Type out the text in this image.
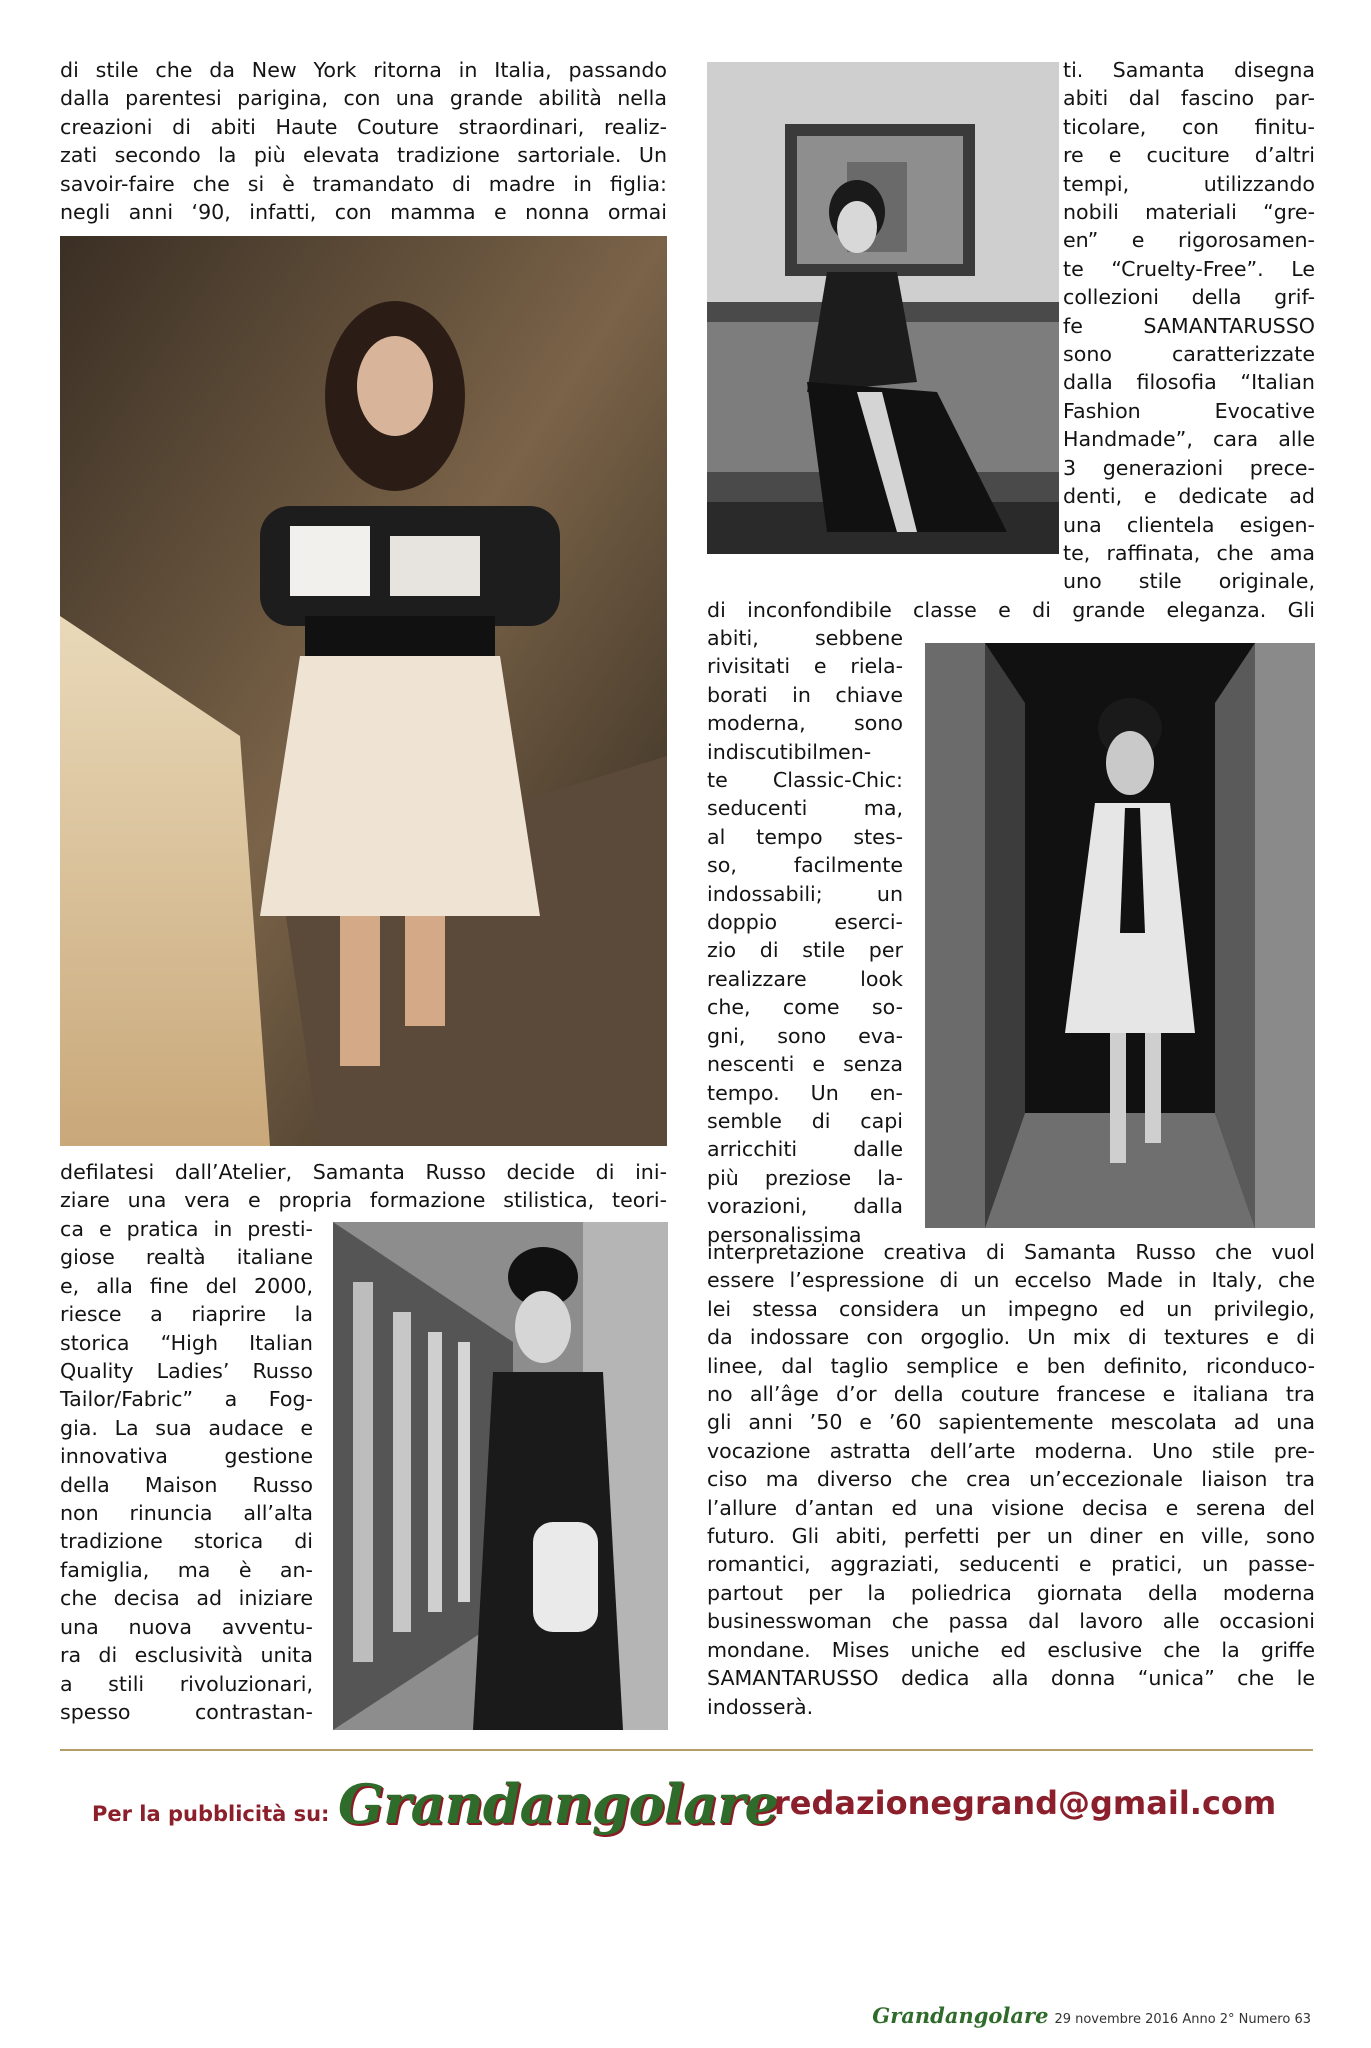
di stile che da New York ritorna in Italia, passando
dalla parentesi parigina, con una grande abilità nella
creazioni di abiti Haute Couture straordinari, realiz-
zati secondo la più elevata tradizione sartoriale. Un
savoir-faire che si è tramandato di madre in figlia:
negli anni ‘90, infatti, con mamma e nonna ormai
defilatesi dall’Atelier, Samanta Russo decide di ini-
ziare una vera e propria formazione stilistica, teori-
ca e pratica in presti-
giose realtà italiane
e, alla fine del 2000,
riesce a riaprire la
storica “High Italian
Quality Ladies’ Russo
Tailor/Fabric” a Fog-
gia. La sua audace e
innovativa gestione
della Maison Russo
non rinuncia all’alta
tradizione storica di
famiglia, ma è an-
che decisa ad iniziare
una nuova avventu-
ra di esclusività unita
a stili rivoluzionari,
spesso contrastan-
ti. Samanta disegna
abiti dal fascino par-
ticolare, con finitu-
re e cuciture d’altri
tempi, utilizzando
nobili materiali “gre-
en” e rigorosamen-
te “Cruelty-Free”. Le
collezioni della grif-
fe SAMANTARUSSO
sono caratterizzate
dalla filosofia “Italian
Fashion Evocative
Handmade”, cara alle
3 generazioni prece-
denti, e dedicate ad
una clientela esigen-
te, raffinata, che ama
uno stile originale,
di inconfondibile classe e di grande eleganza. Gli
abiti, sebbene
rivisitati e riela-
borati in chiave
moderna, sono
indiscutibilmen-
te Classic-Chic:
seducenti ma,
al tempo stes-
so, facilmente
indossabili; un
doppio eserci-
zio di stile per
realizzare look
che, come so-
gni, sono eva-
nescenti e senza
tempo. Un en-
semble di capi
arricchiti dalle
più preziose la-
vorazioni, dalla
personalissima
interpretazione creativa di Samanta Russo che vuol
essere l’espressione di un eccelso Made in Italy, che
lei stessa considera un impegno ed un privilegio,
da indossare con orgoglio. Un mix di textures e di
linee, dal taglio semplice e ben definito, riconduco-
no all’âge d’or della couture francese e italiana tra
gli anni ’50 e ’60 sapientemente mescolata ad una
vocazione astratta dell’arte moderna. Uno stile pre-
ciso ma diverso che crea un’eccezionale liaison tra
l’allure d’antan ed una visione decisa e serena del
futuro. Gli abiti, perfetti per un diner en ville, sono
romantici, aggraziati, seducenti e pratici, un passe-
partout per la poliedrica giornata della moderna
businesswoman che passa dal lavoro alle occasioni
mondane. Mises uniche ed esclusive che la griffe
SAMANTARUSSO dedica alla donna “unica” che le
indosserà.
Per la pubblicità su: Grandangolare
redazionegrand@gmail.com
Grandangolare 29 novembre 2016 Anno 2° Numero 63
